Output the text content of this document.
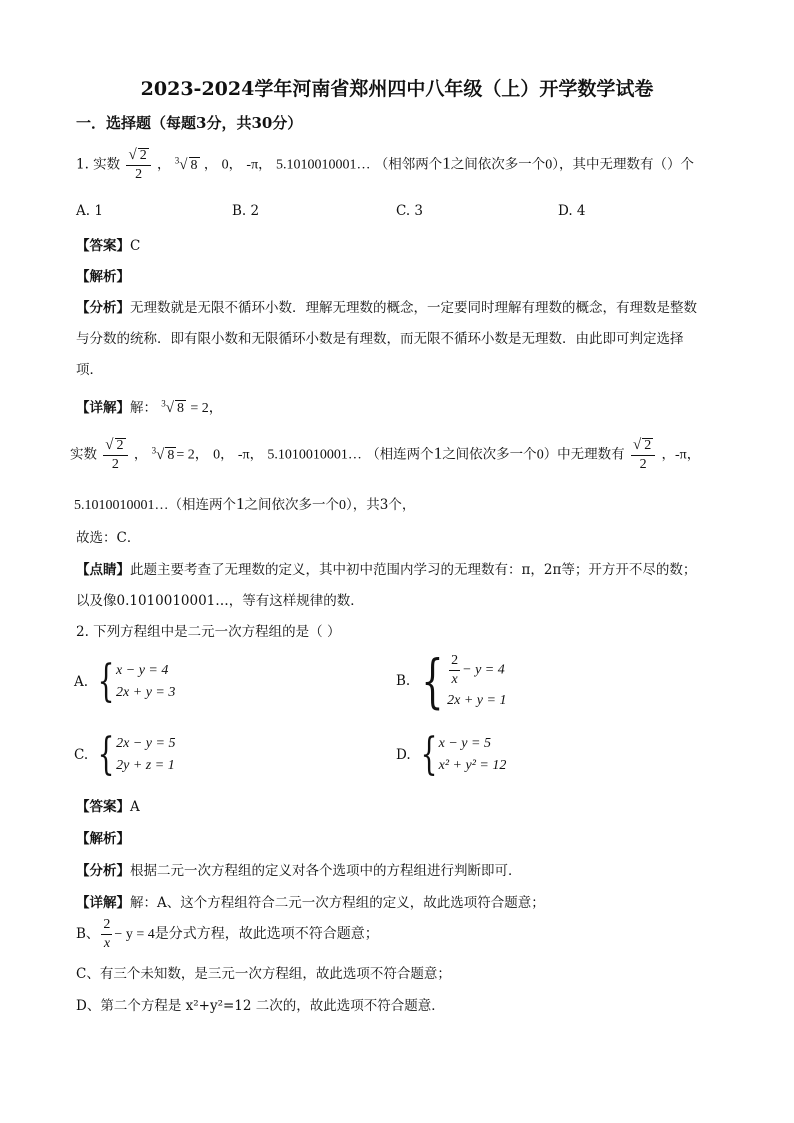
2023-2024学年河南省郑州四中八年级（上）开学数学试卷
一．选择题（每题3分，共30分）
1. 实数 $\frac{√ 2}{2}$ ， $^3$√ 8 ， 0， -π， 5.1010010001… （相邻两个1之间依次多一个0），其中无理数有（）个
A. 1	B. 2	C. 3	D. 4
【答案】C
【解析】
【分析】无理数就是无限不循环小数．理解无理数的概念，一定要同时理解有理数的概念，有理数是整数
与分数的统称．即有限小数和无限循环小数是有理数，而无限不循环小数是无理数．由此即可判定选择
项．
【详解】解： $^3$√ 8 = 2，
实数 $\frac{√ 2}{2}$ ， $^3$√ 8 = 2， 0， -π， 5.1010010001… （相连两个1之间依次多一个0）中无理数有 $\frac{√ 2}{2}$ ，-π，
5.1010010001…（相连两个1之间依次多一个0），共3个，
故选：C．
【点睛】此题主要考查了无理数的定义，其中初中范围内学习的无理数有：π，2π等；开方开不尽的数；
以及像0.1010010001…，等有这样规律的数．
2. 下列方程组中是二元一次方程组的是（ ）
A. { x − y = 4
2x + y = 3
B. { $\frac{2}{x} - y = 4$
2x + y = 1
C. { 2x − y = 5
2y + z = 1
D. { x − y = 5
x² + y² = 12
【答案】A
【解析】
【分析】根据二元一次方程组的定义对各个选项中的方程组进行判断即可．
【详解】解：A、这个方程组符合二元一次方程组的定义，故此选项符合题意；
B、 $\frac{2}{x} - y = 4$是分式方程，故此选项不符合题意；
C、有三个未知数，是三元一次方程组，故此选项不符合题意；
D、第二个方程是 x²+y²=12 二次的，故此选项不符合题意．
